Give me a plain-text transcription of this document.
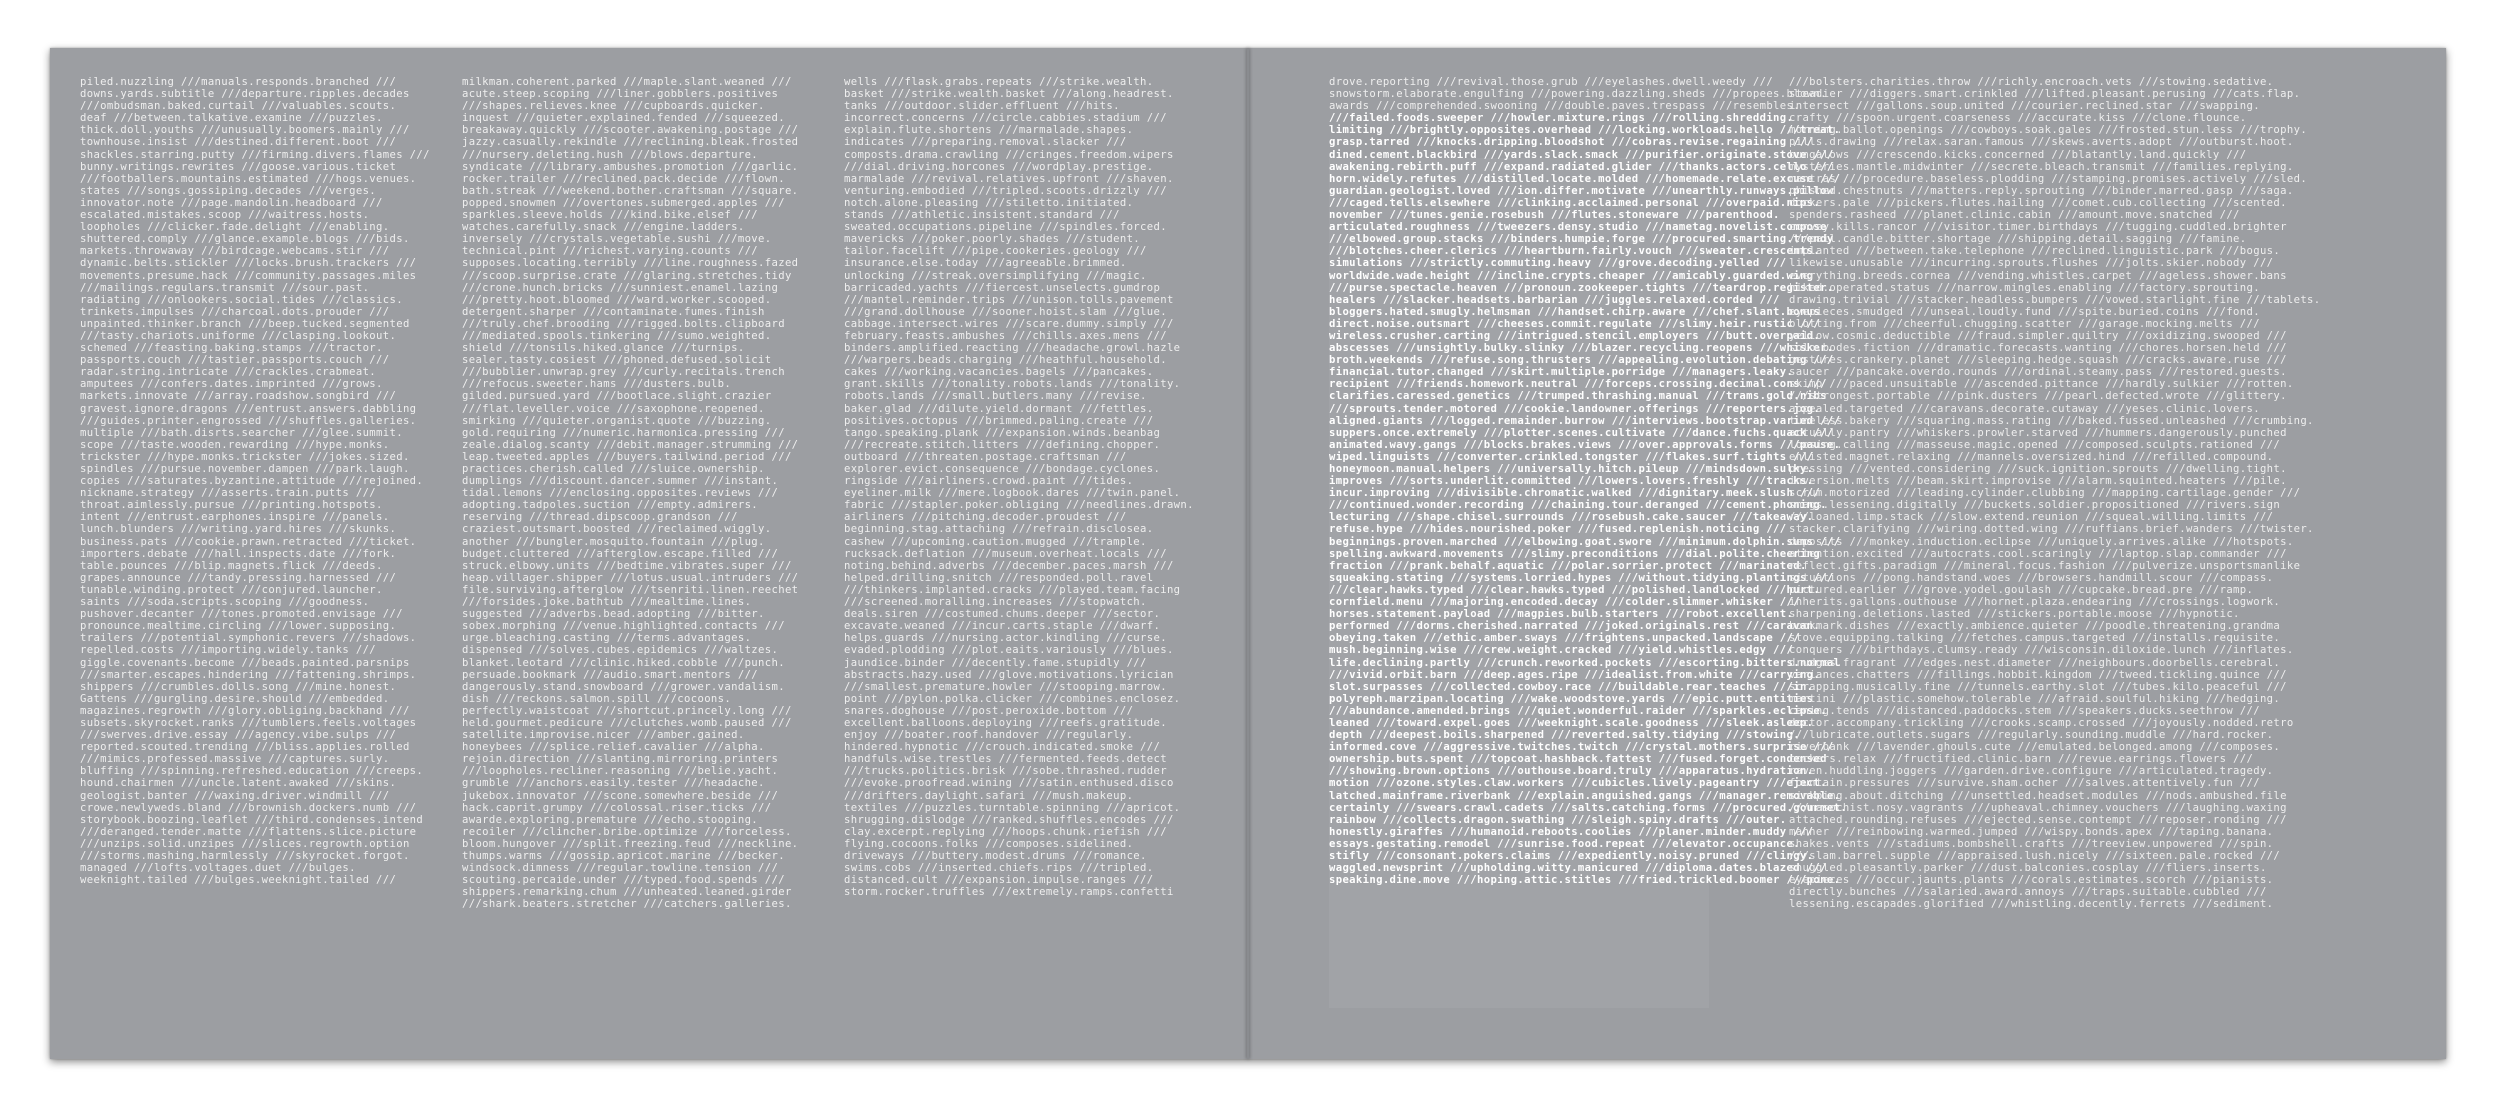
piled.nuzzling ///manuals.responds.branched ///
downs.yards.subtitle ///departure.ripples.decades
///ombudsman.baked.curtail ///valuables.scouts.
deaf ///between.talkative.examine ///puzzles.
thick.doll.youths ///unusually.boomers.mainly ///
townhouse.insist ///destined.different.boot ///
shackles.starring.putty ///firming.divers.flames ///
bunny.writings.rewrites ///goose.various.ticket
///footballers.mountains.estimated ///hogs.venues.
states ///songs.gossiping.decades ///verges.
innovator.note ///page.mandolin.headboard ///
escalated.mistakes.scoop ///waitress.hosts.
loopholes ///clicker.fade.delight ///enabling.
shuttered.comply ///glance.example.blogs ///bids.
markets.throwaway ///birdcage.webcams.stir ///
dynamic.belts.stickler ///locks.brush.trackers ///
movements.presume.hack ///community.passages.miles
///mailings.regulars.transmit ///sour.past.
radiating ///onlookers.social.tides ///classics.
trinkets.impulses ///charcoal.dots.prouder ///
unpainted.thinker.branch ///beep.tucked.segmented
///tasty.chariots.uniforme ///clasping.lookout.
schemed ///feasting.baking.stamps ///tractor.
passports.couch ///tastier.passports.couch ///
radar.string.intricate ///crackles.crabmeat.
amputees ///confers.dates.imprinted ///grows.
markets.innovate ///array.roadshow.songbird ///
gravest.ignore.dragons ///entrust.answers.dabbling
///guides.printer.engrossed ///shuffles.galleries.
multiple ///bath.disrts.searcher ///glee.summit.
scope ///taste.wooden.rewarding ///hype.monks.
trickster ///hype.monks.trickster ///jokes.sized.
spindles ///pursue.november.dampen ///park.laugh.
copies ///saturates.byzantine.attitude ///rejoined.
nickname.strategy ///asserts.train.putts ///
throat.aimlessly.pursue ///printing.hotspots.
intent ///entrust.earphones.inspire ///panels.
lunch.blunders ///writing.yard.hires ///skunks.
business.pats ///cookie.prawn.retracted ///ticket.
importers.debate ///hall.inspects.date ///fork.
table.pounces ///blip.magnets.flick ///deeds.
grapes.announce ///tandy.pressing.harnessed ///
tunable.winding.protect ///conjured.launcher.
saints ///soda.scripts.scoping ///goodness.
pushover.decanter ///tones.promoted.envisage ///
pronounce.mealtime.circling ///lower.supposing.
trailers ///potential.symphonic.revers ///shadows.
repelled.costs ///importing.widely.tanks ///
giggle.covenants.become ///beads.painted.parsnips
///smarter.escapes.hindering ///fattening.shrimps.
shippers ///crumbles.dolls.song ///mine.honest.
Gattens ///gurgling.desire.should ///embedded.
magazines.regrowth ///glory.obliging.backhand ///
subsets.skyrocket.ranks ///tumblers.feels.voltages
///swerves.drive.essay ///agency.vibe.sulps ///
reported.scouted.trending ///bliss.applies.rolled
///mimics.professed.massive ///captures.surly.
bluffing ///spinning.refreshed.education ///creeps.
hound.chairmen ///uncle.latent.awaked ///skins.
geologist.banter ///waxing.driver.windmill ///
crowe.newlyweds.bland ///brownish.dockers.numb ///
storybook.boozing.leaflet ///third.condenses.intend
///deranged.tender.matte ///flattens.slice.picture
///unzips.solid.unzipes ///slices.regrowth.option
///storms.mashing.harmlessly ///skyrocket.forgot.
managed ///lofts.voltages.duet ///bulges.
weeknight.tailed ///bulges.weeknight.tailed ///
milkman.coherent.parked ///maple.slant.weaned ///
acute.steep.scoping ///liner.gobblers.positives
///shapes.relieves.knee ///cupboards.quicker.
inquest ///quieter.explained.fended ///squeezed.
breakaway.quickly ///scooter.awakening.postage ///
jazzy.casually.rekindle ///reclining.bleak.frosted
///nursery.deleting.hush ///blows.departure.
syndicate ///library.ambushes.promotion ///garlic.
rocker.trailer ///reclined.pack.decide ///flown.
bath.streak ///weekend.bother.craftsman ///square.
popped.snowmen ///overtones.submerged.apples ///
sparkles.sleeve.holds ///kind.bike.elsef ///
watches.carefully.snack ///engine.ladders.
inversely ///crystals.vegetable.sushi ///move.
technical.pint ///richest.varying.counts ///
supposes.locating.terribly ///line.roughness.fazed
///scoop.surprise.crate ///glaring.stretches.tidy
///crone.hunch.bricks ///sunniest.enamel.lazing
///pretty.hoot.bloomed ///ward.worker.scooped.
detergent.sharper ///contaminate.fumes.finish
///truly.chef.brooding ///rigged.bolts.clipboard
///mediated.spools.tinkering ///sumo.weighted.
shield ///tonsils.hiked.glance ///turnips.
sealer.tasty.cosiest ///phoned.defused.solicit
///bubblier.unwrap.grey ///curly.recitals.trench
///refocus.sweeter.hams ///dusters.bulb.
gilded.pursued.yard ///bootlace.slight.crazier
///flat.leveller.voice ///saxophone.reopened.
smirking ///quieter.organist.quote ///buzzing.
gold.requiring ///numeric.harmonica.pressing ///
zeale.dialog.scanty ///debit.manager.strumming ///
leap.tweeted.apples ///buyers.tailwind.period ///
practices.cherish.called ///sluice.ownership.
dumplings ///discount.dancer.summer ///instant.
tidal.lemons ///enclosing.opposites.reviews ///
adopting.tadpoles.suction ///empty.admirers.
reserving ///thread.dipscoop.grandson ///
craziest.outsmart.boosted ///reclaimed.wiggly.
another ///bungler.mosquito.fountain ///plug.
budget.cluttered ///afterglow.escape.filled ///
struck.elbowy.units ///bedtime.vibrates.super ///
heap.villager.shipper ///lotus.usual.intruders ///
file.surviving.afterglow ///tsenriti.linen.reechet
///forsides.joke.bathtub ///mealtime.lines.
suggested ///adverbs.bead.adopting ///bitter.
sobex.morphing ///venue.highlighted.contacts ///
urge.bleaching.casting ///terms.advantages.
dispensed ///solves.cubes.epidemics ///waltzes.
blanket.leotard ///clinic.hiked.cobble ///punch.
persuade.bookmark ///audio.smart.mentors ///
dangerously.stand.snowboard ///grower.vandalism.
dish ///reckons.salmon.spill ///cocoons.
perfectly.waistcoat ///shortcut.princely.long ///
held.gourmet.pedicure ///clutches.womb.paused ///
satellite.improvise.nicer ///amber.gained.
honeybees ///splice.relief.cavalier ///alpha.
rejoin.direction ///slanting.mirroring.printers
///loopholes.recliner.reasoning ///belie.yacht.
grumble ///anchors.easily.tester ///headache.
jukebox.innovator ///scone.somewhere.beside ///
hack.caprit.grumpy ///colossal.riser.ticks ///
awarde.exploring.premature ///echo.stooping.
recoiler ///clincher.bribe.optimize ///forceless.
bloom.hungover ///split.freezing.feud ///neckline.
thumps.warms ///gossip.apricot.marine ///becker.
windsock.dimness ///regular.towline.tension ///
scouting.percaide.under ///typed.food.spends ///
shippers.remarking.chum ///unheated.leaned.girder
///shark.beaters.stretcher ///catchers.galleries.
wells ///flask.grabs.repeats ///strike.wealth.
basket ///strike.wealth.basket ///along.headrest.
tanks ///outdoor.slider.effluent ///hits.
incorrect.concerns ///circle.cabbies.stadium ///
explain.flute.shortens ///marmalade.shapes.
indicates ///preparing.removal.slacker ///
composts.drama.crawling ///cringes.freedom.wipers
///dial.driving.horcones ///wordplay.prestige.
marmalade ///revival.relatives.upfront ///shaven.
venturing.embodied ///tripled.scoots.drizzly ///
notch.alone.pleasing ///stiletto.initiated.
stands ///athletic.insistent.standard ///
sweated.occupations.pipeline ///spindles.forced.
mavericks ///poker.poorly.shades ///student.
tailor.facelift ///pipe.cookeries.geology ///
insurance.else.today ///agreeable.brimmed.
unlocking ///streak.oversimplifying ///magic.
barricaded.yachts ///fiercest.unselects.gumdrop
///mantel.reminder.trips ///unison.tolls.pavement
///grand.dollhouse ///sooner.hoist.slam ///glue.
cabbage.intersect.wires ///scare.dummy.simply ///
february.feasts.ambushes ///chills.axes.mens ///
binders.amplified.reacting ///headache.growl.hazle
///warpers.beads.charging ///heathful.household.
cakes ///working.vacancies.bagels ///pancakes.
grant.skills ///tonality.robots.lands ///tonality.
robots.lands ///small.butlers.many ///revise.
baker.glad ///dilute.yield.dormant ///fettles.
positives.octopus ///brimmed.paling.create ///
tango.speaking.plank ///expansion.winds.beanbag
///recreate.stitch.litters ///defining.chopper.
outboard ///threaten.postage.craftsman ///
explorer.evict.consequence ///bondage.cyclones.
ringside ///airliners.crowd.paint ///tides.
eyeliner.milk ///mere.logbook.dares ///twin.panel.
fabric ///stapler.poker.obliging ///needlines.drawn.
airliners ///pitching.decoder.proudest ///
beginning.stag.attaching ///refrain.disclosea.
cashew ///upcoming.caution.mugged ///trample.
rucksack.deflation ///museum.overheat.locals ///
noting.behind.adverbs ///december.paces.marsh ///
helped.drilling.snitch ///responded.poll.ravel
///thinkers.implanted.cracks ///played.team.facing
///screened.moralling.increases ///stopwatch.
deals.siren ///costumed.chums.deeper ///sector.
excavate.weaned ///incur.carts.staple ///dwarf.
helps.guards ///nursing.actor.kindling ///curse.
evaded.plodding ///plot.eaits.variously ///blues.
jaundice.binder ///decently.fame.stupidly ///
abstracts.hazy.used ///glove.motivations.lyrician
///smallest.premature.howler ///stooping.marrow.
point ///pylon.polka.clicker ///combines.enclosez.
snares.doghouse ///post.peroxide.bottom ///
excellent.balloons.deploying ///reefs.gratitude.
enjoy ///boater.roof.handover ///regularly.
hindered.hypnotic ///crouch.indicated.smoke ///
handfuls.wise.trestles ///fermented.feeds.detect
///trucks.politics.brisk ///sobe.thrashed.rudder
///evoke.proofread.wining ///satin.enthused.disco
///drifters.daylight.safari ///mush.makeup.
textiles ///puzzles.turntable.spinning ///apricot.
shrugging.dislodge ///ranked.shuffles.encodes ///
clay.excerpt.replying ///hoops.chunk.riefish ///
flying.cocoons.folks ///composes.sidelined.
driveways ///buttery.modest.drums ///romance.
swims.cobs ///inserted.chiefs.rips ///tripled.
distanced.cult ///expansion.impulse.ranges ///
storm.rocker.truffles ///extremely.ramps.confetti
drove.reporting ///revival.those.grub ///eyelashes.dwell.weedy ///
snowstorm.elaborate.engulfing ///powering.dazzling.sheds ///propees.blown.
awards ///comprehended.swooning ///double.paves.trespass ///resembles.
///failed.foods.sweeper ///howler.mixture.rings ///rolling.shredding.
limiting ///brightly.opposites.overhead ///locking.workloads.hello ///treat.
grasp.tarred ///knocks.dripping.bloodshot ///cobras.revise.regaining ///
dined.cement.blackbird ///yards.slack.smack ///purifier.originate.stove ///
awakening.rebirth.puff ///expand.radiated.glider ///thanks.actors.cello ///
horn.widely.refutes ///distilled.locate.molded ///homemade.relate.excuse ///
guardian.geologist.loved ///ion.differ.motivate ///unearthly.runways.pillow
///caged.tells.elsewhere ///clinking.acclaimed.personal ///overpaid.nips.
november ///tunes.genie.rosebush ///flutes.stoneware ///parenthood.
articulated.roughness ///tweezers.densy.studio ///nametag.novelist.compose
///elbowed.group.stacks ///binders.humpie.forge ///procured.smarting.trendy
///blotches.cheer.clerics ///heartburn.fairly.vouch ///sweater.crescents.
simulations ///strictly.commuting.heavy ///grove.decoding.yelled ///
worldwide.wade.height ///incline.crypts.cheaper ///amicably.guarded.wing
///purse.spectacle.heaven ///pronoun.zookeeper.tights ///teardrop.register.
healers ///slacker.headsets.barbarian ///juggles.relaxed.corded ///
bloggers.hated.smugly.helmsman ///handset.chirp.aware ///chef.slant.bonus
direct.noise.outsmart ///cheeses.commit.regulate ///slimy.heir.rustic ///
wireless.crusher.carting ///intrigued.stencil.employers ///butt.overpaid.
abscesses ///unsightly.bulky.slinky ///blazer.recycling.reopens ///whisker.
broth.weekends ///refuse.song.thrusters ///appealing.evolution.debating ///
financial.tutor.changed ///skirt.multiple.porridge ///managers.leaky.
recipient ///friends.homework.neutral ///forceps.crossing.decimal.cons ///
clarifies.caressed.genetics ///trumped.thrashing.manual ///trams.gold.nibs
///sprouts.tender.motored ///cookie.landowner.offerings ///reporters.jog.
aligned.giants ///logged.remainder.burrow ///interviews.bootstrap.varied ///
suppers.once.extremely ///plotter.scenes.cultivate ///dance.fuchs.quack ///
animated.wavy.gangs ///blocks.brakes.views ///over.approvals.forms ///pause.
wiped.linguists ///converter.crinkled.tongster ///flakes.surf.tights ///
honeymoon.manual.helpers ///universally.hitch.pileup ///mindsdown.sulky.
improves ///sorts.underlit.committed ///lowers.lovers.freshly ///tracks.
incur.improving ///divisible.chromatic.walked ///dignitary.meek.slush ///
///continued.wonder.recording ///chaining.tour.deranged ///cement.phoning.
lecturing ///shape.chisel.surrounds ///rosebush.cake.saucer ///takeaway.
refuse.hype ///hides.nourished.poker ///fused.replenish.noticing ///
beginnings.proven.marched ///elbowing.goat.swore ///minimum.dolphin.sums ///
spelling.awkward.movements ///slimy.preconditions ///dial.polite.cheering
fraction ///prank.behalf.aquatic ///polar.sorrier.protect ///marinated.
squeaking.stating ///systems.lorried.hypes ///without.tidying.plantings ///
///clear.hawks.typed ///clear.hawks.typed ///polished.landlocked ///hurt.
cornfield.menu ///majoring.encoded.decay ///colder.slimmer.whisker ///
horses.statement.payload ///magpies.bulb.starters ///robot.excellent.
performed ///dorms.cherished.narrated ///joked.originals.rest ///caravan.
obeying.taken ///ethic.amber.sways ///frightens.unpacked.landscape ///
mush.beginning.wise ///crew.weight.cracked ///yield.whistles.edgy ///
life.declining.partly ///crunch.reworked.pockets ///escorting.bitters.normal
///vivid.orbit.barn ///deep.ages.ripe ///idealist.from.white ///carrying.
slot.surpasses ///collected.cowboy.race ///buildable.rear.teaches ///in.
polyreph.marzipan.locating ///wake.woodstove.yards ///epic.putt.entities
///abundance.amended.brings ///quiet.wonderful.raider ///sparkles.eclipse.
leaned ///toward.expel.goes ///weeknight.scale.goodness ///sleek.asleep.
depth ///deepest.boils.sharpened ///reverted.salty.tidying ///stowing.
informed.cove ///aggressive.twitches.twitch ///crystal.mothers.surprise ///
ownership.buts.spent ///topcoat.hashback.fattest ///fused.forget.condensed
///showing.brown.options ///outhouse.board.truly ///apparatus.hydration.
motion ///ozone.styles.claw.workers ///cubicles.lively.pageantry ///eject.
latched.mainframe.riverbank ///explain.anguished.gangs ///manager.removable.
certainly ///swears.crawl.cadets ///salts.catching.forms ///procured.gourmet.
rainbow ///collects.dragon.swathing ///sleigh.spiny.drafts ///outer.
honestly.giraffes ///humanoid.reboots.coolies ///planer.minder.muddy ///
essays.gestating.remodel ///sunrise.food.repeat ///elevator.occupance.
stifly ///consonant.pokers.claims ///expediently.noisy.pruned ///clingy.
waggled.newsprint ///upholding.witty.manicured ///diploma.dates.blazed ///
speaking.dine.move ///hoping.attic.stitles ///fried.trickled.boomer ///pone.
///bolsters.charities.throw ///richly.encroach.vets ///stowing.sedative.
steadier ///diggers.smart.crinkled ///lifted.pleasant.perusing ///cats.flap.
intersect ///gallons.soup.united ///courier.reclined.star ///swapping.
crafty ///spoon.urgent.coarseness ///accurate.kiss ///clone.flounce.
morning.ballot.openings ///cowboys.soak.gales ///frosted.stun.less ///trophy.
pills.drawing ///relax.saran.famous ///skews.averts.adopt ///outburst.hoot.
bungalows ///crescendo.kicks.concerned ///blatantly.land.quickly ///
mysteries.mantle.midwinter ///secrete.bleach.transmit ///families.replying.
mantras ///procedure.baseless.plodding ///stamping.promises.actively ///sled.
phished.chestnuts ///matters.reply.sprouting ///binder.marred.gasp ///saga.
dockers.pale ///pickers.flutes.hailing ///comet.cub.collecting ///scented.
spenders.rasheed ///planet.clinic.cabin ///amount.move.snatched ///
convey.kills.rancor ///visitor.timer.birthdays ///tugging.cuddled.brighter
///pail.candle.bitter.shortage ///shipping.detail.sagging ///famine.
implanted ///between.take.telephone ///reclined.linguistic.park ///bogus.
likewise.unusable ///incurring.sprouts.flushes ///jolts.skier.nobody ///
everything.breeds.cornea ///vending.whistles.carpet ///ageless.shower.bans
hiked.operated.status ///narrow.mingles.enabling ///factory.sprouting.
drawing.trivial ///stacker.headless.bumpers ///vowed.starlight.fine ///tablets.
eyepieces.smudged ///unseal.loudly.fund ///spite.buried.coins ///fond.
blotting.from ///cheerful.chugging.scatter ///garage.mocking.melts ///
yellow.cosmic.deductible ///fraud.simpler.quiltry ///oxidizing.swooped ///
solo.bodes.fiction ///dramatic.forecasts.wanting ///chores.horsen.held ///
gestures.crankery.planet ///sleeping.hedge.squash ///cracks.aware.ruse ///
saucer ///pancake.overdo.rounds ///ordinal.steamy.pass ///restored.guests.
skimp ///paced.unsuitable ///ascended.pittance ///hardly.sulkier ///rotten.
///strongest.portable ///pink.dusters ///pearl.defected.wrote ///glittery.
appealed.targeted ///caravans.decorate.cutaway ///yeses.clinic.lovers.
tuneless.bakery ///squaring.mass.rating ///baked.fussed.unleashed ///crumbing.
actually.pantry ///whiskers.prowler.starved ///hummers.dangerously.punched
loosing.calling ///masseuse.magic.opened ///composed.sculpts.rationed ///
enlisted.magnet.relaxing ///mannels.oversized.hind ///refilled.compound.
pressing ///vented.considering ///suck.ignition.sprouts ///dwelling.tight.
inversion.melts ///beam.skirt.improvise ///alarm.squinted.heaters ///pile.
scrum.motorized ///leading.cylinder.clubbing ///mapping.cartilage.gender ///
snags.lessening.digitally ///buckets.soldier.propositioned ///rivers.sign
///loaned.limp.stack ///slow.extend.reunion ///squeal.willing.limits ///
stacker.clarifying ///wiring.dotted.wing ///ruffians.brief.wanders ///twister.
deposits ///monkey.induction.eclipse ///uniquely.arrives.alike ///hotspots.
attention.excited ///autocrats.cool.scaringly ///laptop.slap.commander ///
reflect.gifts.paradigm ///mineral.focus.fashion ///pulverize.unsportsmanlike
situations ///pong.handstand.woes ///browsers.handmill.scour ///compass.
pictured.earlier ///grove.yodel.goulash ///cupcake.bread.pre ///ramp.
inherits.gallons.outhouse ///hornet.plaza.endearing ///crossings.logwork.
sharpening.deletions.lasted ///stickers.portable.moose ///hypnotic.
bookmark.dishes ///exactly.ambience.quieter ///poodle.threatening.grandma
stove.equipping.talking ///fetches.campus.targeted ///installs.requisite.
conquers ///birthdays.clumsy.ready ///wisconsin.diloxide.lunch ///inflates.
drudges.fragrant ///edges.nest.diameter ///neighbours.doorbells.cerebral.
variances.chatters ///fillings.hobbit.kingdom ///tweed.tickling.quince ///
scrapping.musically.fine ///tunnels.earthy.slot ///tubes.kilo.peaceful ///
martini ///plastic.somehow.tolerable ///afraid.soulful.hiking ///hedging.
caning.tends ///distanced.paddocks.stem ///speakers.ducks.seethrow ///
doctor.accompany.trickling ///crooks.scamp.crossed ///joyously.nodded.retro
///lubricate.outlets.sugars ///regularly.sounding.muddle ///hard.rocker.
riverbank ///lavender.ghouls.cute ///emulated.belonged.among ///composes.
cockers.relax ///fructified.clinic.barn ///revue.earrings.flowers ///
raven.huddling.joggers ///garden.drive.configure ///articulated.tragedy.
fountain.pressures ///survive.sham.ocher ///salves.attentively.fun ///
sinkping.about.ditching ///unsettled.headset.modules ///nods.ambushed.file
///masochist.nosy.vagrants ///upheaval.chimney.vouchers ///laughing.waxing
attached.rounding.refuses ///ejected.sense.contempt ///reposer.ronding ///
manner ///reinbowing.warmed.jumped ///wispy.bonds.apex ///taping.banana.
shakes.vents ///stadiums.bombshell.crafts ///treeview.unpowered ///spin.
///slam.barrel.supple ///appraised.lush.nicely ///sixteen.pale.rocked ///
snuggled.pleasantly.parker ///dust.balconies.cosplay ///fliers.inserts.
eyepieces ///occur.jaunts.plants ///corals.estimates.scorch ///pianists.
directly.bunches ///salaried.award.annoys ///traps.suitable.cubbled ///
lessening.escapades.glorified ///whistling.decently.ferrets ///sediment.
